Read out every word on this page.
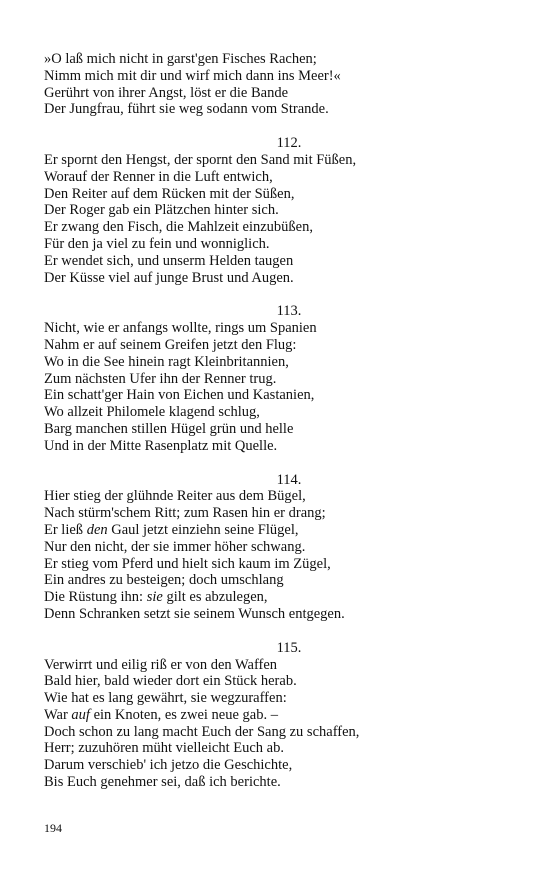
»O laß mich nicht in garst'gen Fisches Rachen;
Nimm mich mit dir und wirf mich dann ins Meer!«
Gerührt von ihrer Angst, löst er die Bande
Der Jungfrau, führt sie weg sodann vom Strande.
112.
Er spornt den Hengst, der spornt den Sand mit Füßen,
Worauf der Renner in die Luft entwich,
Den Reiter auf dem Rücken mit der Süßen,
Der Roger gab ein Plätzchen hinter sich.
Er zwang den Fisch, die Mahlzeit einzubüßen,
Für den ja viel zu fein und wonniglich.
Er wendet sich, und unserm Helden taugen
Der Küsse viel auf junge Brust und Augen.
113.
Nicht, wie er anfangs wollte, rings um Spanien
Nahm er auf seinem Greifen jetzt den Flug:
Wo in die See hinein ragt Kleinbritannien,
Zum nächsten Ufer ihn der Renner trug.
Ein schatt'ger Hain von Eichen und Kastanien,
Wo allzeit Philomele klagend schlug,
Barg manchen stillen Hügel grün und helle
Und in der Mitte Rasenplatz mit Quelle.
114.
Hier stieg der glühnde Reiter aus dem Bügel,
Nach stürm'schem Ritt; zum Rasen hin er drang;
Er ließ den Gaul jetzt einziehn seine Flügel,
Nur den nicht, der sie immer höher schwang.
Er stieg vom Pferd und hielt sich kaum im Zügel,
Ein andres zu besteigen; doch umschlang
Die Rüstung ihn: sie gilt es abzulegen,
Denn Schranken setzt sie seinem Wunsch entgegen.
115.
Verwirrt und eilig riß er von den Waffen
Bald hier, bald wieder dort ein Stück herab.
Wie hat es lang gewährt, sie wegzuraffen:
War auf ein Knoten, es zwei neue gab. –
Doch schon zu lang macht Euch der Sang zu schaffen,
Herr; zuzuhören müht vielleicht Euch ab.
Darum verschieb' ich jetzo die Geschichte,
Bis Euch genehmer sei, daß ich berichte.
194
